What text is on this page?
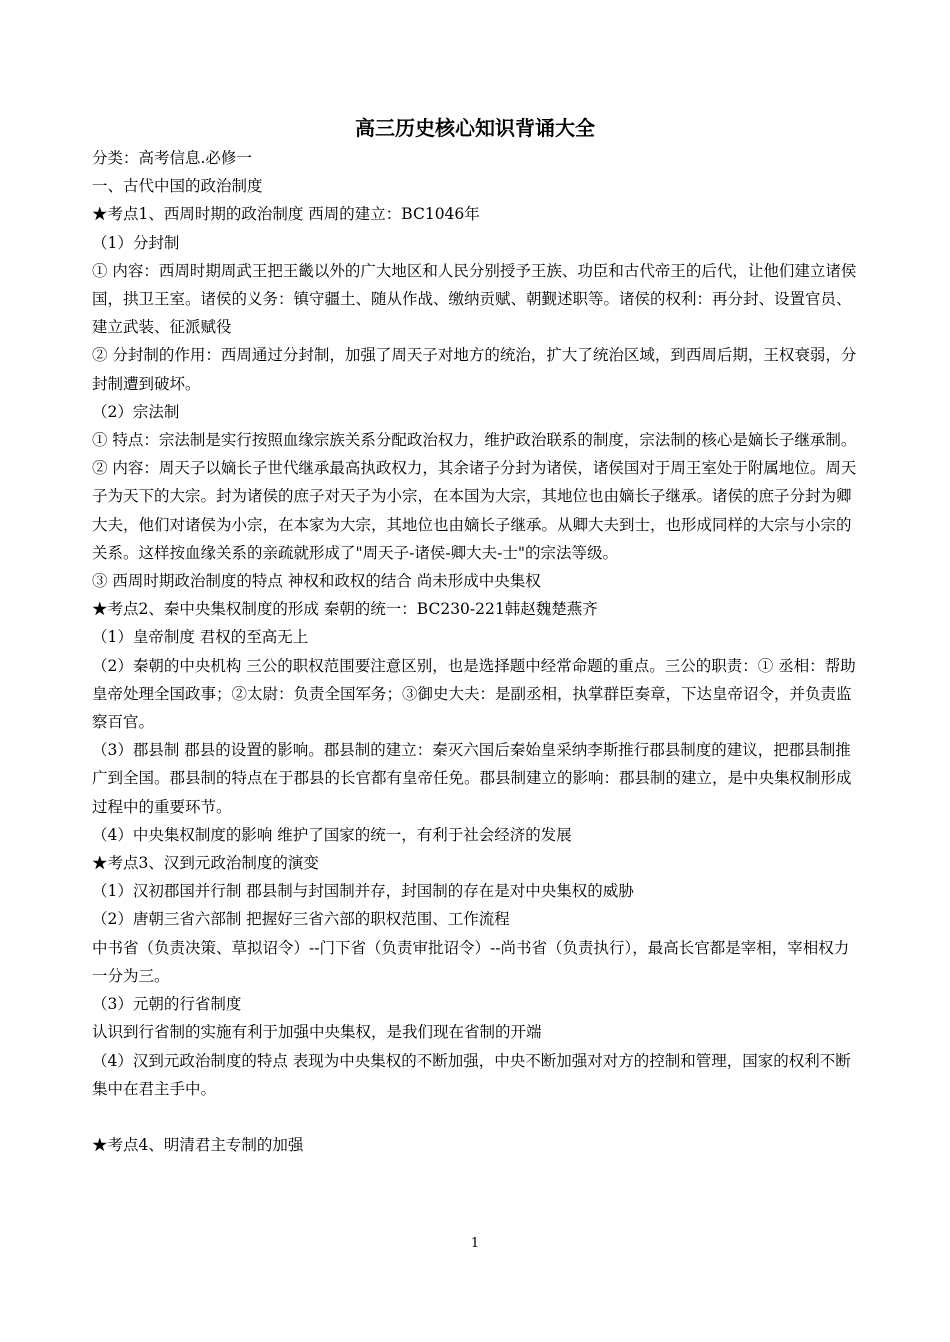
高三历史核心知识背诵大全

分类：高考信息.必修一

一、古代中国的政治制度

★考点1、西周时期的政治制度 西周的建立：BC1046年

（1）分封制

① 内容：西周时期周武王把王畿以外的广大地区和人民分别授予王族、功臣和古代帝王的后代，让他们建立诸侯国，拱卫王室。诸侯的义务：镇守疆土、随从作战、缴纳贡赋、朝觐述职等。诸侯的权利：再分封、设置官员、建立武装、征派赋役

② 分封制的作用：西周通过分封制，加强了周天子对地方的统治，扩大了统治区域，到西周后期，王权衰弱，分封制遭到破坏。

（2）宗法制

① 特点：宗法制是实行按照血缘宗族关系分配政治权力，维护政治联系的制度，宗法制的核心是嫡长子继承制。

② 内容：周天子以嫡长子世代继承最高执政权力，其余诸子分封为诸侯，诸侯国对于周王室处于附属地位。周天子为天下的大宗。封为诸侯的庶子对天子为小宗，在本国为大宗，其地位也由嫡长子继承。诸侯的庶子分封为卿大夫，他们对诸侯为小宗，在本家为大宗，其地位也由嫡长子继承。从卿大夫到士，也形成同样的大宗与小宗的关系。这样按血缘关系的亲疏就形成了"周天子-诸侯-卿大夫-士"的宗法等级。

③ 西周时期政治制度的特点 神权和政权的结合 尚未形成中央集权

★考点2、秦中央集权制度的形成 秦朝的统一：BC230-221韩赵魏楚燕齐

（1）皇帝制度 君权的至高无上

（2）秦朝的中央机构 三公的职权范围要注意区别，也是选择题中经常命题的重点。三公的职责：① 丞相：帮助皇帝处理全国政事；②太尉：负责全国军务；③御史大夫：是副丞相，执掌群臣奏章，下达皇帝诏令，并负责监察百官。

（3）郡县制 郡县的设置的影响。郡县制的建立：秦灭六国后秦始皇采纳李斯推行郡县制度的建议，把郡县制推广到全国。郡县制的特点在于郡县的长官都有皇帝任免。郡县制建立的影响：郡县制的建立，是中央集权制形成过程中的重要环节。

（4）中央集权制度的影响 维护了国家的统一，有利于社会经济的发展

★考点3、汉到元政治制度的演变

（1）汉初郡国并行制 郡县制与封国制并存，封国制的存在是对中央集权的威胁

（2）唐朝三省六部制 把握好三省六部的职权范围、工作流程

中书省（负责决策、草拟诏令）--门下省（负责审批诏令）--尚书省（负责执行），最高长官都是宰相，宰相权力一分为三。

（3）元朝的行省制度

认识到行省制的实施有利于加强中央集权，是我们现在省制的开端

（4）汉到元政治制度的特点 表现为中央集权的不断加强，中央不断加强对对方的控制和管理，国家的权利不断集中在君主手中。

★考点4、明清君主专制的加强

1
